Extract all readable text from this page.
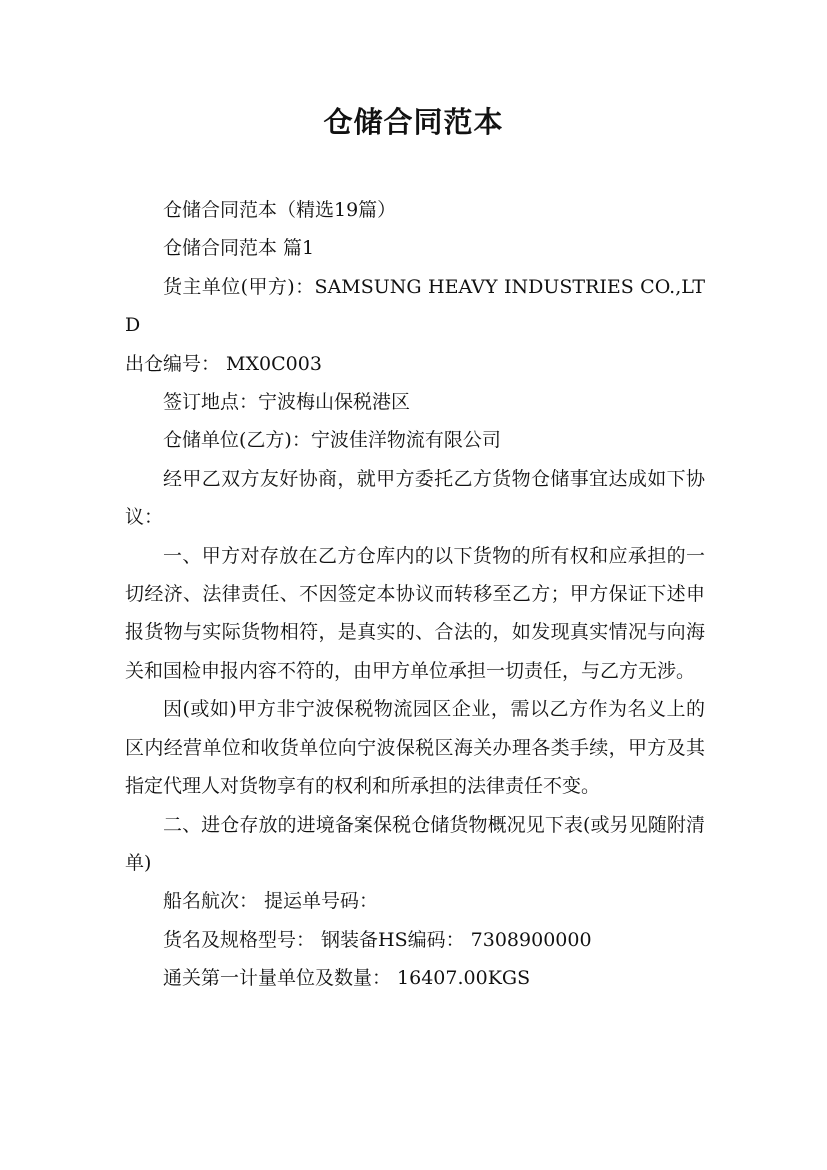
仓储合同范本

仓储合同范本（精选19篇）

仓储合同范本 篇1

货主单位(甲方)：SAMSUNG HEAVY INDUSTRIES CO.,LTD

出仓编号： MX0C003

签订地点：宁波梅山保税港区

仓储单位(乙方)：宁波佳洋物流有限公司

经甲乙双方友好协商，就甲方委托乙方货物仓储事宜达成如下协议：

一、甲方对存放在乙方仓库内的以下货物的所有权和应承担的一切经济、法律责任、不因签定本协议而转移至乙方；甲方保证下述申报货物与实际货物相符，是真实的、合法的，如发现真实情况与向海关和国检申报内容不符的，由甲方单位承担一切责任，与乙方无涉。

因(或如)甲方非宁波保税物流园区企业，需以乙方作为名义上的区内经营单位和收货单位向宁波保税区海关办理各类手续，甲方及其指定代理人对货物享有的权利和所承担的法律责任不变。

二、进仓存放的进境备案保税仓储货物概况见下表(或另见随附清单)

船名航次： 提运单号码：

货名及规格型号： 钢装备HS编码： 7308900000

通关第一计量单位及数量： 16407.00KGS
